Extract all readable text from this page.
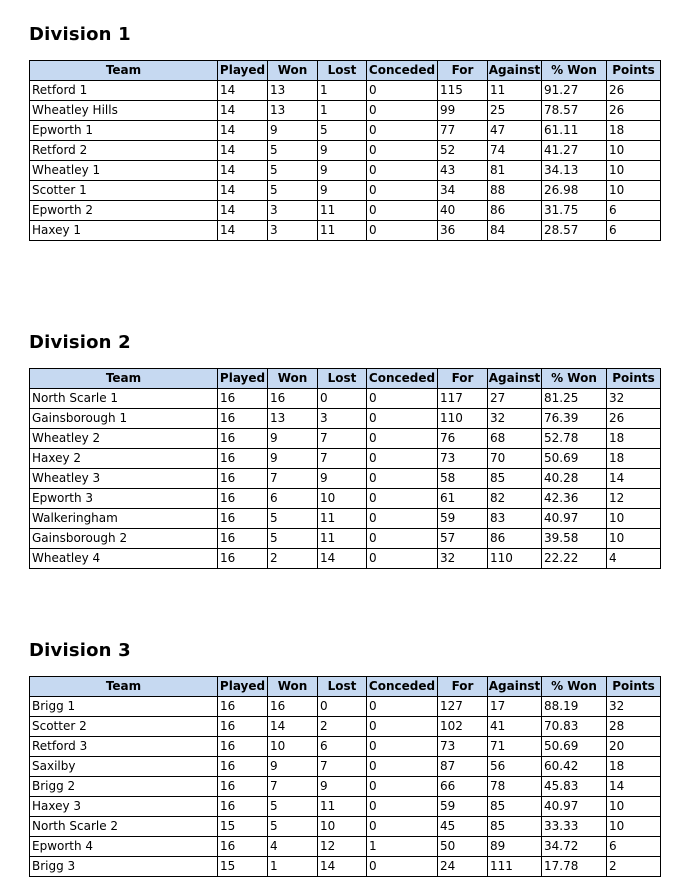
Division 1
Team	Played	Won	Lost	Conceded	For	Against	% Won	Points
Retford 1	14	13	1	0	115	11	91.27	26
Wheatley Hills	14	13	1	0	99	25	78.57	26
Epworth 1	14	9	5	0	77	47	61.11	18
Retford 2	14	5	9	0	52	74	41.27	10
Wheatley 1	14	5	9	0	43	81	34.13	10
Scotter 1	14	5	9	0	34	88	26.98	10
Epworth 2	14	3	11	0	40	86	31.75	6
Haxey 1	14	3	11	0	36	84	28.57	6
Division 2
Team	Played	Won	Lost	Conceded	For	Against	% Won	Points
North Scarle 1	16	16	0	0	117	27	81.25	32
Gainsborough 1	16	13	3	0	110	32	76.39	26
Wheatley 2	16	9	7	0	76	68	52.78	18
Haxey 2	16	9	7	0	73	70	50.69	18
Wheatley 3	16	7	9	0	58	85	40.28	14
Epworth 3	16	6	10	0	61	82	42.36	12
Walkeringham	16	5	11	0	59	83	40.97	10
Gainsborough 2	16	5	11	0	57	86	39.58	10
Wheatley 4	16	2	14	0	32	110	22.22	4
Division 3
Team	Played	Won	Lost	Conceded	For	Against	% Won	Points
Brigg 1	16	16	0	0	127	17	88.19	32
Scotter 2	16	14	2	0	102	41	70.83	28
Retford 3	16	10	6	0	73	71	50.69	20
Saxilby	16	9	7	0	87	56	60.42	18
Brigg 2	16	7	9	0	66	78	45.83	14
Haxey 3	16	5	11	0	59	85	40.97	10
North Scarle 2	15	5	10	0	45	85	33.33	10
Epworth 4	16	4	12	1	50	89	34.72	6
Brigg 3	15	1	14	0	24	111	17.78	2
